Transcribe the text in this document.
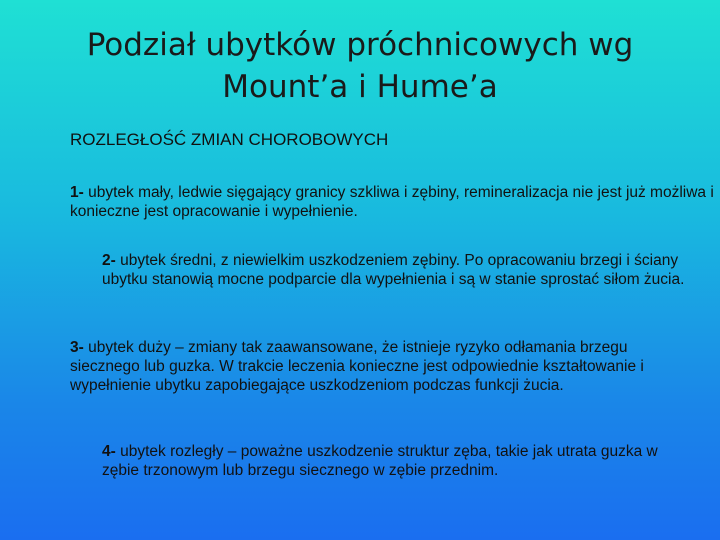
Podział ubytków próchnicowych wg
Mount’a i Hume’a
ROZLEGŁOŚĆ ZMIAN CHOROBOWYCH
1- ubytek mały, ledwie sięgający granicy szkliwa i zębiny, remineralizacja nie jest już możliwa i konieczne jest opracowanie i wypełnienie.
2- ubytek średni, z niewielkim uszkodzeniem zębiny. Po opracowaniu brzegi i ściany ubytku stanowią mocne podparcie dla wypełnienia i są w stanie sprostać siłom żucia.
3- ubytek duży – zmiany tak zaawansowane, że istnieje ryzyko odłamania brzegu siecznego lub guzka. W trakcie leczenia konieczne jest odpowiednie kształtowanie i wypełnienie ubytku zapobiegające uszkodzeniom podczas funkcji żucia.
4- ubytek rozległy – poważne uszkodzenie struktur zęba, takie jak utrata guzka w zębie trzonowym lub brzegu siecznego w zębie przednim.
